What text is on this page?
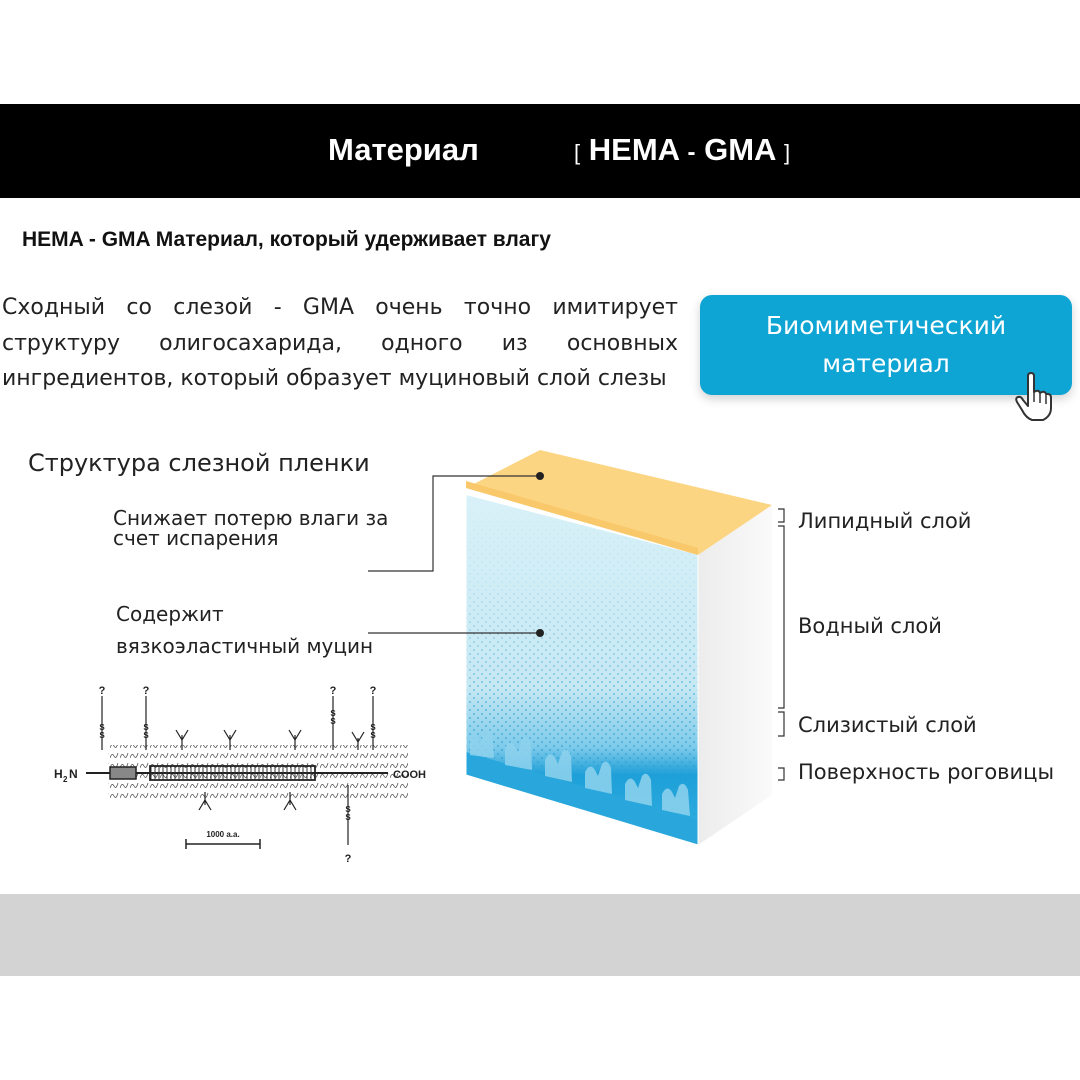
Материал	[ HEMA - GMA ]
HEMA - GMA Материал, который удерживает влагу
Сходный со слезой - GMA очень точно имитирует структуру олигосахарида, одного из основных ингредиентов, который образует муциновый слой слезы
Биомиметический
материал
Структура слезной пленки
Снижает потерю влаги за
счет испарения
Содержит
вязкоэластичный муцин
Липидный слой
Водный слой
Слизистый слой
Поверхность роговицы
H 2 N	COOH
?	?	?	?
?
S
S
S
S
S
S
S
S
S
S
1000 a.a.
